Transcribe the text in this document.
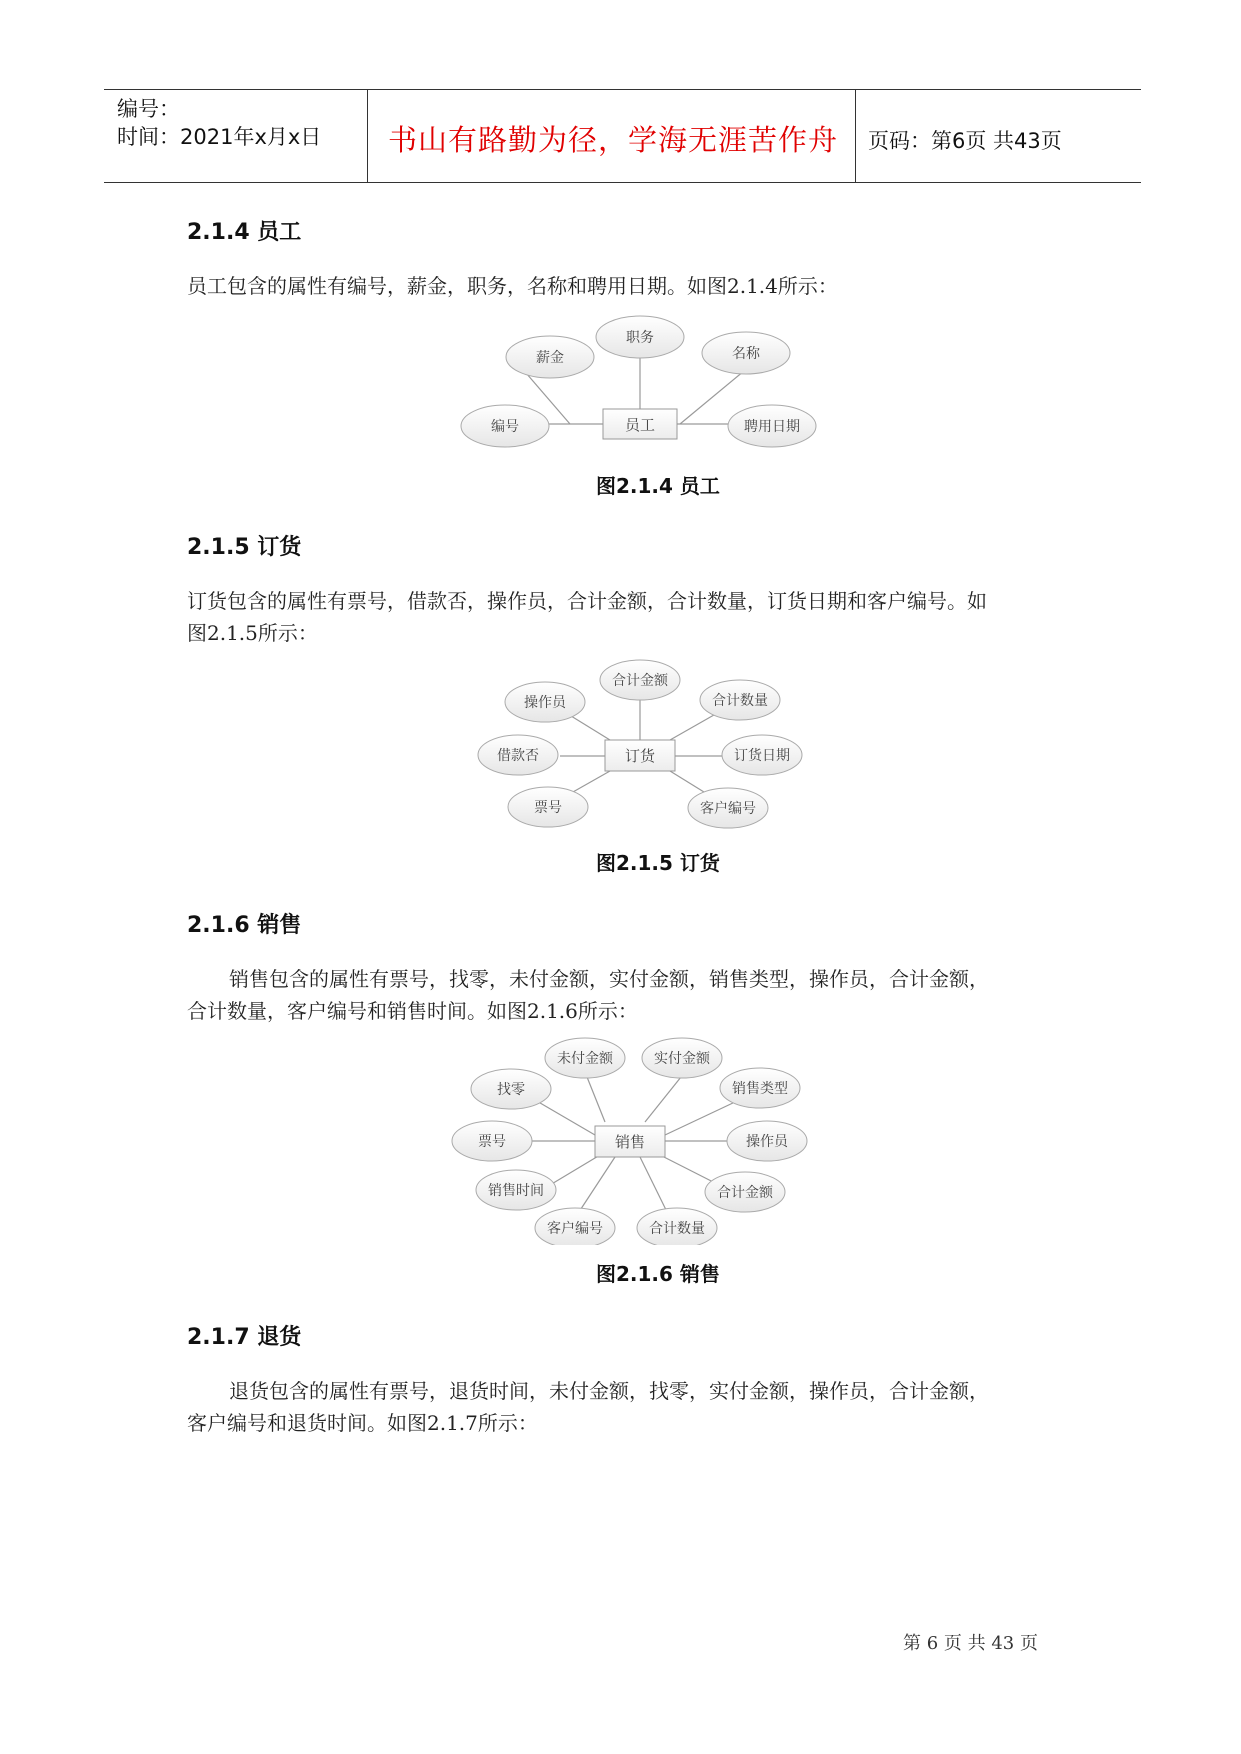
编号：
时间：2021年x月x日 书山有路勤为径，学海无涯苦作舟 页码：第6页 共43页
2.1.4 员工

员工包含的属性有编号，薪金，职务，名称和聘用日期。如图2.1.4所示：

员工
薪金
职务
名称
编号	聘用日期
图2.1.4 员工
2.1.5 订货

订货包含的属性有票号，借款否，操作员，合计金额，合计数量，订货日期和客户编号。如

图2.1.5所示：

订货
合计金额
操作员	合计数量
借款否	订货日期
票号	客户编号
图2.1.5 订货
2.1.6 销售

销售包含的属性有票号，找零，未付金额，实付金额，销售类型，操作员，合计金额，

合计数量，客户编号和销售时间。如图2.1.6所示：

销售
未付金额	实付金额
找零	销售类型
票号	操作员
销售时间	合计金额
客户编号	合计数量
图2.1.6 销售
2.1.7 退货

退货包含的属性有票号，退货时间，未付金额，找零，实付金额，操作员，合计金额，

客户编号和退货时间。如图2.1.7所示：

第 6 页 共 43 页
